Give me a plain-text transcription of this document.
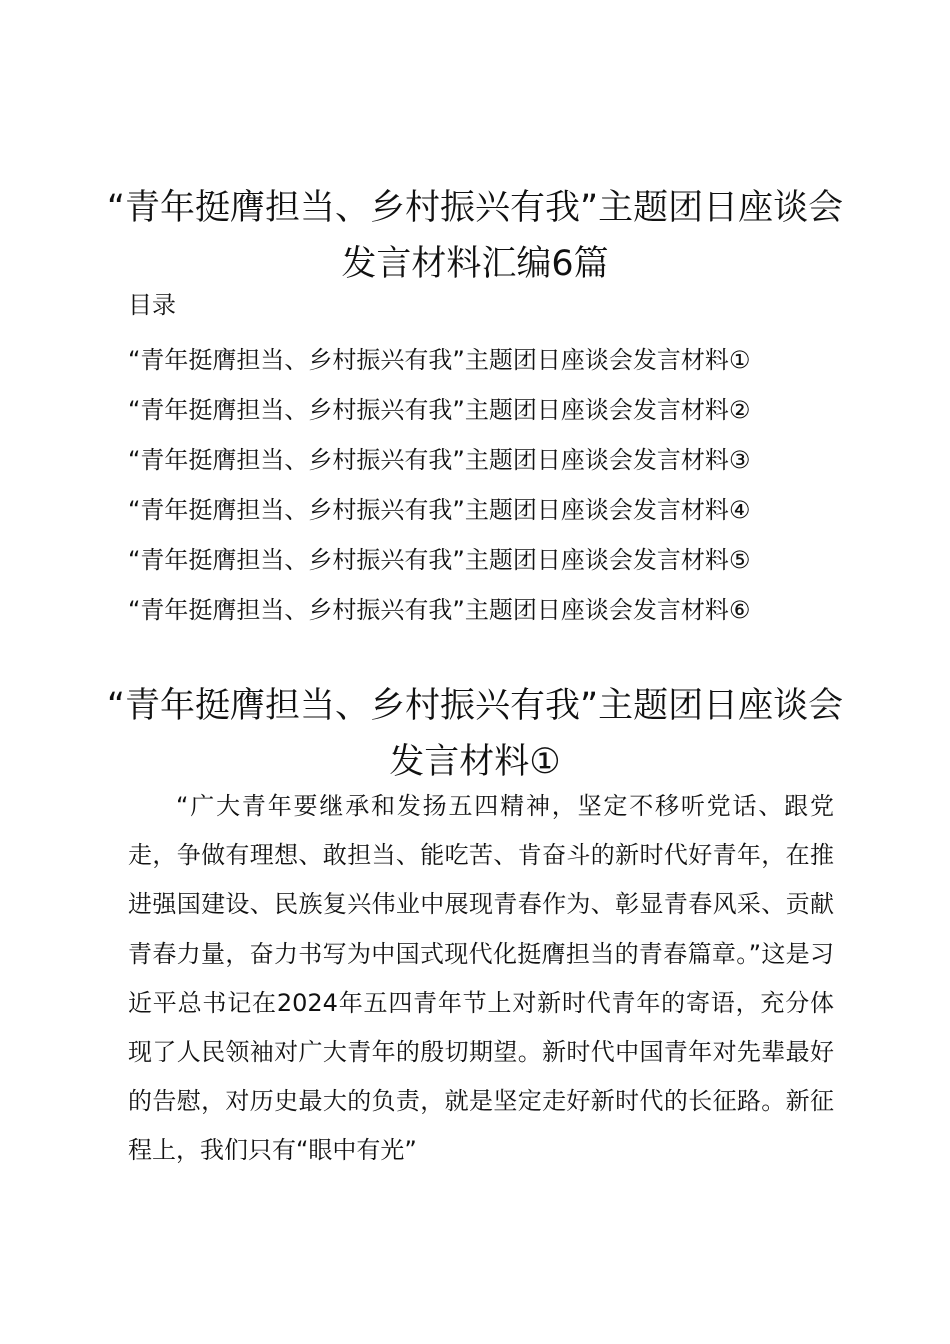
“青年挺膺担当、乡村振兴有我”主题团日座谈会发言材料汇编6篇

目录

“青年挺膺担当、乡村振兴有我”主题团日座谈会发言材料①
“青年挺膺担当、乡村振兴有我”主题团日座谈会发言材料②
“青年挺膺担当、乡村振兴有我”主题团日座谈会发言材料③
“青年挺膺担当、乡村振兴有我”主题团日座谈会发言材料④
“青年挺膺担当、乡村振兴有我”主题团日座谈会发言材料⑤
“青年挺膺担当、乡村振兴有我”主题团日座谈会发言材料⑥
“青年挺膺担当、乡村振兴有我”主题团日座谈会发言材料①

“广大青年要继承和发扬五四精神，坚定不移听党话、跟党走，争做有理想、敢担当、能吃苦、肯奋斗的新时代好青年，在推进强国建设、民族复兴伟业中展现青春作为、彰显青春风采、贡献青春力量，奋力书写为中国式现代化挺膺担当的青春篇章。”这是习近平总书记在2024年五四青年节上对新时代青年的寄语，充分体现了人民领袖对广大青年的殷切期望。新时代中国青年对先辈最好的告慰，对历史最大的负责，就是坚定走好新时代的长征路。新征程上，我们只有“眼中有光”
